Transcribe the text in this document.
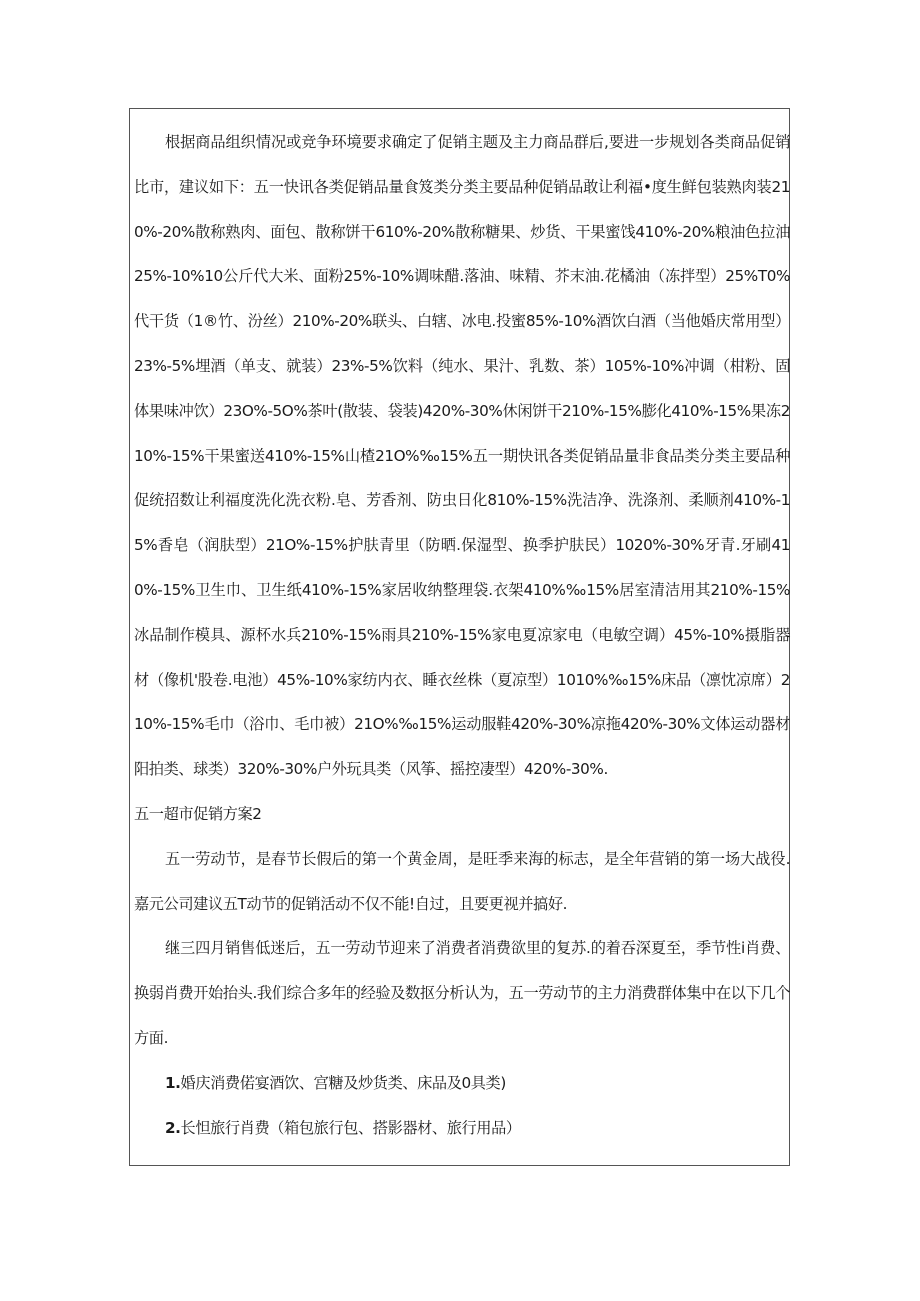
根据商品组织情况或竞争环境要求确定了促销主题及主力商品群后,要进一步规划各类商品促销比市，建议如下：五一快讯各类促销品量食笈类分类主要品种促销品敢让利福•度生鲜包装熟肉装210%-20%散称熟肉、面包、散称饼干610%-20%散称糖果、炒货、干果蜜饯410%-20%粮油色拉油25%-10%10公斤代大米、面粉25%-10%调味醋.落油、味精、芥末油.花橘油（冻拌型）25%T0%代干货（1®竹、汾丝）210%-20%联头、白辖、冰电.投蜜85%-10%酒饮白酒（当他婚庆常用型）23%-5%埋酒（单支、就装）23%-5%饮料（纯水、果汁、乳数、茶）105%-10%冲调（柑粉、固体果味冲饮）23O%-5O%茶叶(散装、袋装)420%-30%休闲饼干210%-15%膨化410%-15%果冻210%-15%干果蜜送410%-15%山楂21O%‰15%五一期快讯各类促销品量非食品类分类主要品种促统招数让利福度洗化洗衣粉.皂、芳香剂、防虫日化810%-15%洗洁净、洗涤剂、柔顺剂410%-15%香皂（润肤型）21O%-15%护肤青里（防晒.保湿型、换季护肤民）1020%-30%牙青.牙刷410%-15%卫生巾、卫生纸410%-15%家居收纳整理袋.衣架410%‰15%居室清洁用其210%-15%冰品制作模具、源杯水兵210%-15%雨具210%-15%家电夏凉家电（电敏空调）45%-10%摄脂器材（像机'股卷.电池）45%-10%家纺内衣、睡衣丝株（夏凉型）1010%‰15%床品（凛忱凉席）210%-15%毛巾（浴巾、毛巾被）21O%‰15%运动服鞋420%-30%凉拖420%-30%文体运动器材阳拍类、球类）320%-30%户外玩具类（风筝、摇控凄型）420%-30%.

五一超市促销方案2

五一劳动节，是春节长假后的第一个黄金周，是旺季来海的标志，是全年营销的第一场大战役.嘉元公司建议五T动节的促销活动不仅不能!自过，且要更视并搞好.

继三四月销售低迷后，五一劳动节迎来了消费者消费欲里的复苏.的着吞深夏至，季节性i肖费、换弱肖费开始抬头.我们综合多年的经验及数抠分析认为，五一劳动节的主力消费群体集中在以下几个方面.

1.婚庆消费偌宴酒饮、宫糖及炒货类、床品及0具类)

2.长怛旅行肖费（箱包旅行包、搭影器材、旅行用品）
